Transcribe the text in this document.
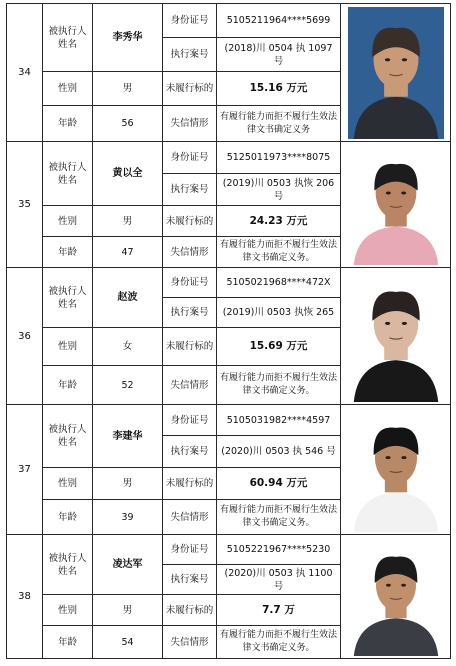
34	被执行人姓名	李秀华	身份证号	5105211964****5699	

			执行案号	(2018)川 0504 执 1097 号	
	性别	男	未履行标的	15.16 万元	
	年龄	56	失信情形	有履行能力而拒不履行生效法律文书确定义务	
35	被执行人姓名	黄以全	身份证号	5125011973****8075	

			执行案号	(2019)川 0503 执恢 206 号	
	性别	男	未履行标的	24.23 万元	
	年龄	47	失信情形	有履行能力而拒不履行生效法律文书确定义务。	
36	被执行人姓名	赵波	身份证号	5105021968****472X	

			执行案号	(2019)川 0503 执恢 265	
	性别	女	未履行标的	15.69 万元	
	年龄	52	失信情形	有履行能力而拒不履行生效法律文书确定义务。	
37	被执行人姓名	李建华	身份证号	5105031982****4597	

			执行案号	(2020)川 0503 执 546 号	
	性别	男	未履行标的	60.94 万元	
	年龄	39	失信情形	有履行能力而拒不履行生效法律文书确定义务。	
38	被执行人姓名	凌达军	身份证号	5105221967****5230	

			执行案号	(2020)川 0503 执 1100 号	
	性别	男	未履行标的	7.7 万	
	年龄	54	失信情形	有履行能力而拒不履行生效法律文书确定义务。	
